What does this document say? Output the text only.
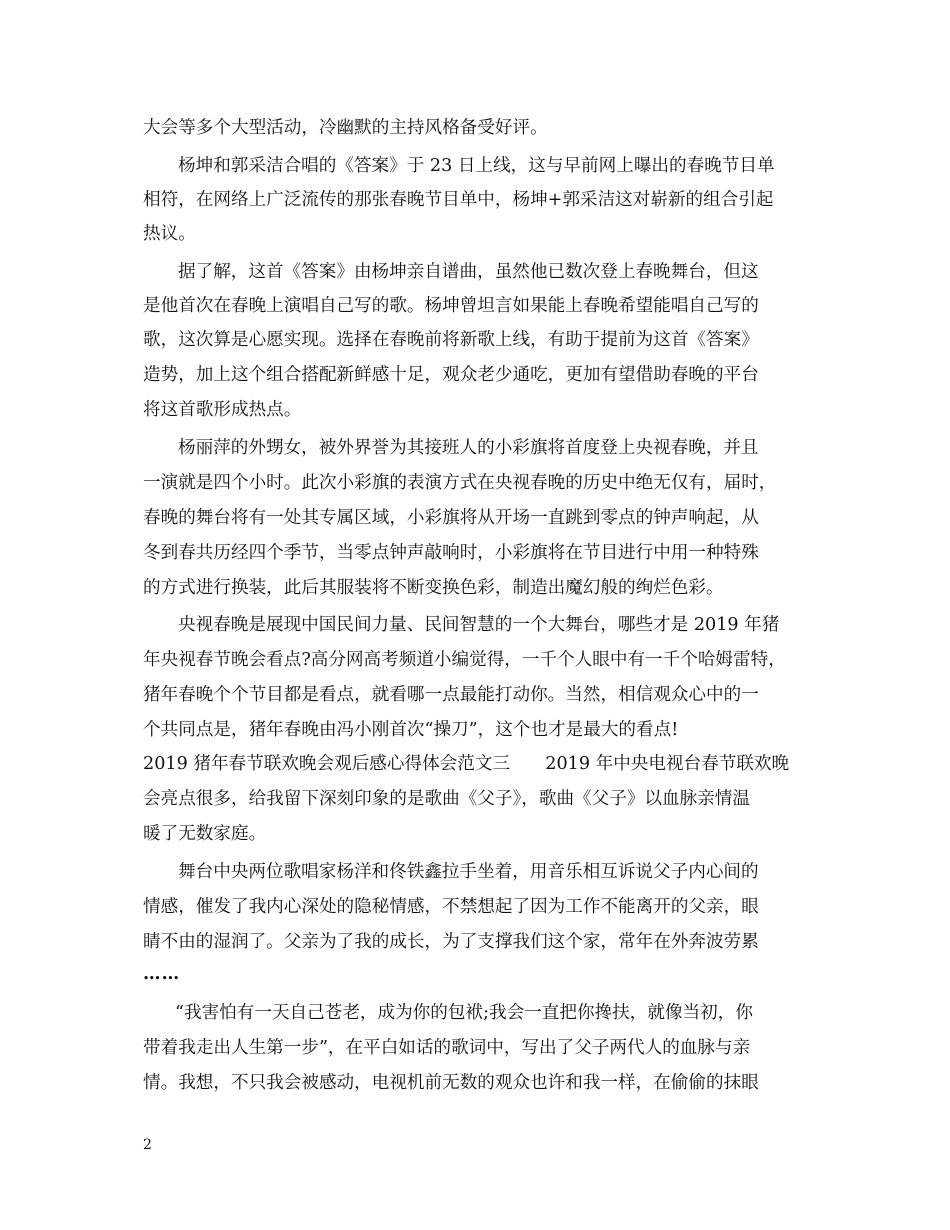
大会等多个大型活动，冷幽默的主持风格备受好评。
杨坤和郭采洁合唱的《答案》于 23 日上线，这与早前网上曝出的春晚节目单
相符，在网络上广泛流传的那张春晚节目单中，杨坤+郭采洁这对崭新的组合引起
热议。
据了解，这首《答案》由杨坤亲自谱曲，虽然他已数次登上春晚舞台，但这
是他首次在春晚上演唱自己写的歌。杨坤曾坦言如果能上春晚希望能唱自己写的
歌，这次算是心愿实现。选择在春晚前将新歌上线，有助于提前为这首《答案》
造势，加上这个组合搭配新鲜感十足，观众老少通吃，更加有望借助春晚的平台
将这首歌形成热点。
杨丽萍的外甥女，被外界誉为其接班人的小彩旗将首度登上央视春晚，并且
一演就是四个小时。此次小彩旗的表演方式在央视春晚的历史中绝无仅有，届时，
春晚的舞台将有一处其专属区域，小彩旗将从开场一直跳到零点的钟声响起，从
冬到春共历经四个季节，当零点钟声敲响时，小彩旗将在节目进行中用一种特殊
的方式进行换装，此后其服装将不断变换色彩，制造出魔幻般的绚烂色彩。
央视春晚是展现中国民间力量、民间智慧的一个大舞台，哪些才是 2019 年猪
年央视春节晚会看点?高分网高考频道小编觉得，一千个人眼中有一千个哈姆雷特，
猪年春晚个个节目都是看点，就看哪一点最能打动你。当然，相信观众心中的一
个共同点是，猪年春晚由冯小刚首次“操刀”，这个也才是最大的看点!
2019 猪年春节联欢晚会观后感心得体会范文三　　2019 年中央电视台春节联欢晚
会亮点很多，给我留下深刻印象的是歌曲《父子》，歌曲《父子》以血脉亲情温
暖了无数家庭。
舞台中央两位歌唱家杨洋和佟铁鑫拉手坐着，用音乐相互诉说父子内心间的
情感，催发了我内心深处的隐秘情感，不禁想起了因为工作不能离开的父亲，眼
睛不由的湿润了。父亲为了我的成长，为了支撑我们这个家，常年在外奔波劳累
……
“我害怕有一天自己苍老，成为你的包袱;我会一直把你搀扶，就像当初，你
带着我走出人生第一步”，在平白如话的歌词中，写出了父子两代人的血脉与亲
情。我想，不只我会被感动，电视机前无数的观众也许和我一样，在偷偷的抹眼
2
